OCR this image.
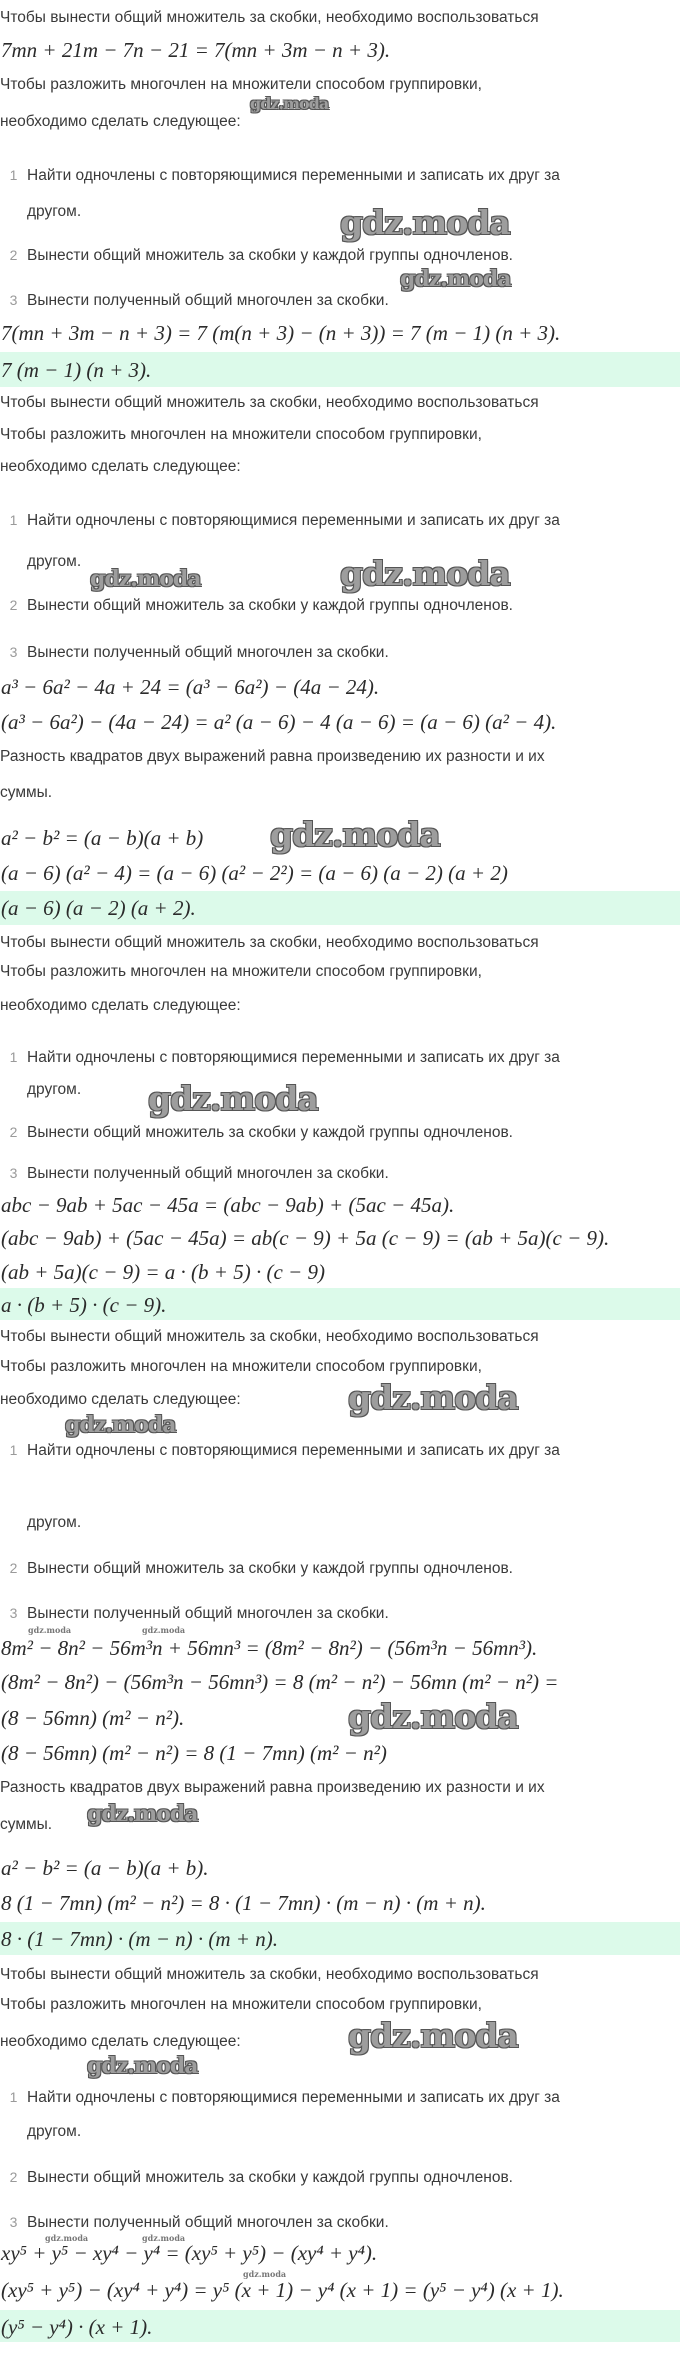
Чтобы вынести общий множитель за скобки, необходимо воспользоваться
7mn + 21m − 7n − 21 = 7(mn + 3m − n + 3).
Чтобы разложить многочлен на множители способом группировки,
необходимо сделать следующее:
1 Найти одночлены с повторяющимися переменными и записать их друг за
другом.
2 Вынести общий множитель за скобки у каждой группы одночленов.
3 Вынести полученный общий многочлен за скобки.
7(mn + 3m − n + 3) = 7 (m(n + 3) − (n + 3)) = 7 (m − 1) (n + 3).
7 (m − 1) (n + 3).
Чтобы вынести общий множитель за скобки, необходимо воспользоваться
Чтобы разложить многочлен на множители способом группировки,
необходимо сделать следующее:
1 Найти одночлены с повторяющимися переменными и записать их друг за
другом.
2 Вынести общий множитель за скобки у каждой группы одночленов.
3 Вынести полученный общий многочлен за скобки.
a³ − 6a² − 4a + 24 = (a³ − 6a²) − (4a − 24).
(a³ − 6a²) − (4a − 24) = a² (a − 6) − 4 (a − 6) = (a − 6) (a² − 4).
Разность квадратов двух выражений равна произведению их разности и их
суммы.
a² − b² = (a − b)(a + b)
(a − 6) (a² − 4) = (a − 6) (a² − 2²) = (a − 6) (a − 2) (a + 2)
(a − 6) (a − 2) (a + 2).
Чтобы вынести общий множитель за скобки, необходимо воспользоваться
Чтобы разложить многочлен на множители способом группировки,
необходимо сделать следующее:
1 Найти одночлены с повторяющимися переменными и записать их друг за
другом.
2 Вынести общий множитель за скобки у каждой группы одночленов.
3 Вынести полученный общий многочлен за скобки.
abc − 9ab + 5ac − 45a = (abc − 9ab) + (5ac − 45a).
(abc − 9ab) + (5ac − 45a) = ab(c − 9) + 5a (c − 9) = (ab + 5a)(c − 9).
(ab + 5a)(c − 9) = a · (b + 5) · (c − 9)
a · (b + 5) · (c − 9).
Чтобы вынести общий множитель за скобки, необходимо воспользоваться
Чтобы разложить многочлен на множители способом группировки,
необходимо сделать следующее:
1 Найти одночлены с повторяющимися переменными и записать их друг за
другом.
2 Вынести общий множитель за скобки у каждой группы одночленов.
3 Вынести полученный общий многочлен за скобки.
8m² − 8n² − 56m³n + 56mn³ = (8m² − 8n²) − (56m³n − 56mn³).
(8m² − 8n²) − (56m³n − 56mn³) = 8 (m² − n²) − 56mn (m² − n²) =
(8 − 56mn) (m² − n²).
(8 − 56mn) (m² − n²) = 8 (1 − 7mn) (m² − n²)
Разность квадратов двух выражений равна произведению их разности и их
суммы.
a² − b² = (a − b)(a + b).
8 (1 − 7mn) (m² − n²) = 8 · (1 − 7mn) · (m − n) · (m + n).
8 · (1 − 7mn) · (m − n) · (m + n).
Чтобы вынести общий множитель за скобки, необходимо воспользоваться
Чтобы разложить многочлен на множители способом группировки,
необходимо сделать следующее:
1 Найти одночлены с повторяющимися переменными и записать их друг за
другом.
2 Вынести общий множитель за скобки у каждой группы одночленов.
3 Вынести полученный общий многочлен за скобки.
xy⁵ + y⁵ − xy⁴ − y⁴ = (xy⁵ + y⁵) − (xy⁴ + y⁴).
(xy⁵ + y⁵) − (xy⁴ + y⁴) = y⁵ (x + 1) − y⁴ (x + 1) = (y⁵ − y⁴) (x + 1).
(y⁵ − y⁴) · (x + 1).
gdz.moda
gdz.moda
gdz.moda
gdz.moda
gdz.moda
gdz.moda
gdz.moda
gdz.moda
gdz.moda
gdz.moda
gdz.moda
gdz.moda
gdz.moda
gdz.moda	gdz.moda
gdz.moda	gdz.moda
gdz.moda
